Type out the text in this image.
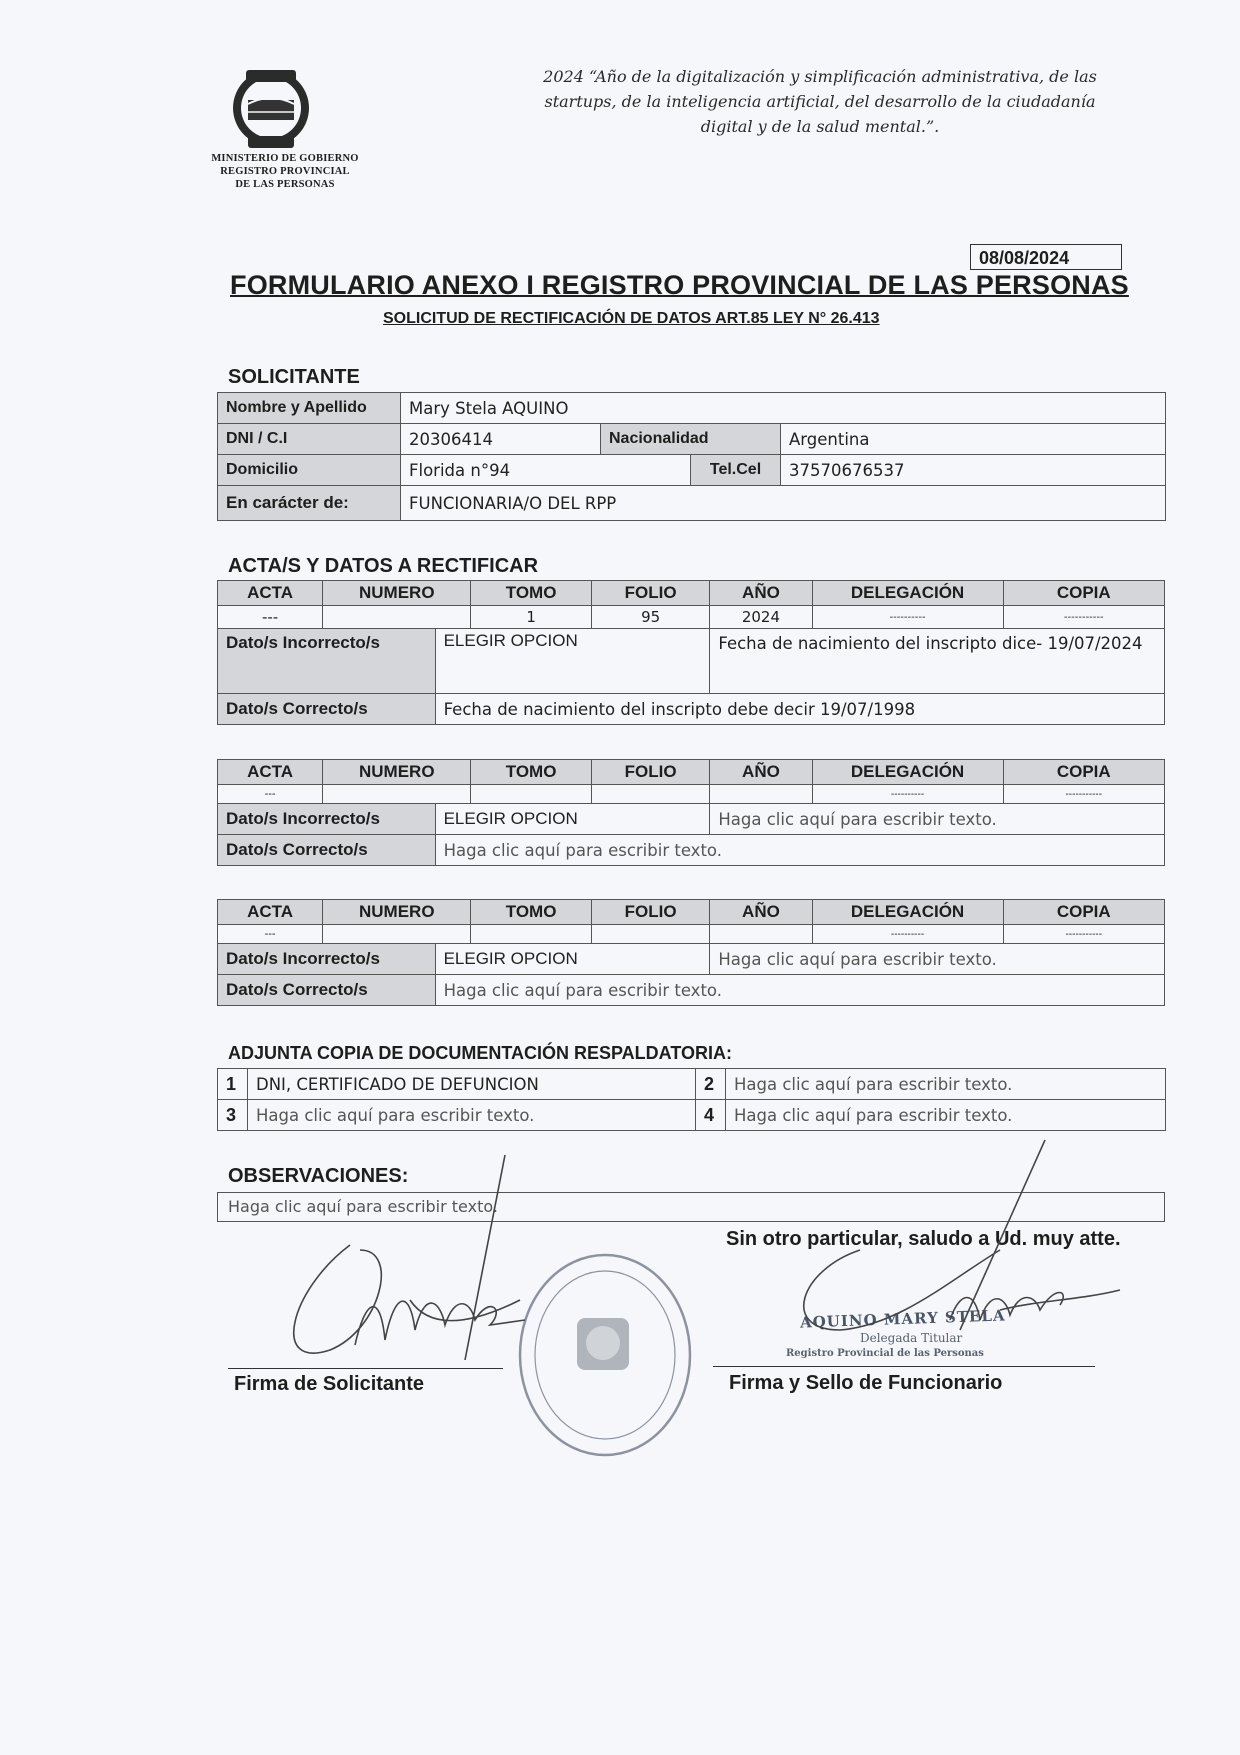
MINISTERIO DE GOBIERNO
REGISTRO PROVINCIAL
DE LAS PERSONAS
2024 “Año de la digitalización y simplificación administrativa, de las
startups, de la inteligencia artificial, del desarrollo de la ciudadanía
digital y de la salud mental.”.
08/08/2024
FORMULARIO ANEXO I REGISTRO PROVINCIAL DE LAS PERSONAS
SOLICITUD DE RECTIFICACIÓN DE DATOS ART.85 LEY N° 26.413
SOLICITANTE
Nombre y Apellido	Mary Stela AQUINO			
DNI / C.I	20306414	Nacionalidad		Argentina
Domicilio	Florida n°94		Tel.Cel	37570676537
En carácter de:	FUNCIONARIA/O DEL RPP			
ACTA/S Y DATOS A RECTIFICAR
ACTA	NUMERO		TOMO	FOLIO	AÑO	DELEGACIÓN	COPIA
---			1	95	2024	----------	-----------
Dato/s Incorrecto/s		ELEGIR OPCION			Fecha de nacimiento del inscripto dice- 19/07/2024		
Dato/s Correcto/s		Fecha de nacimiento del inscripto debe decir 19/07/1998					
ACTA	NUMERO		TOMO	FOLIO	AÑO	DELEGACIÓN	COPIA
---						----------	-----------
Dato/s Incorrecto/s		ELEGIR OPCION			Haga clic aquí para escribir texto.		
Dato/s Correcto/s		Haga clic aquí para escribir texto.					
ACTA	NUMERO		TOMO	FOLIO	AÑO	DELEGACIÓN	COPIA
---						----------	-----------
Dato/s Incorrecto/s		ELEGIR OPCION			Haga clic aquí para escribir texto.		
Dato/s Correcto/s		Haga clic aquí para escribir texto.					
ADJUNTA COPIA DE DOCUMENTACIÓN RESPALDATORIA:
1	DNI, CERTIFICADO DE DEFUNCION	2	Haga clic aquí para escribir texto.
3	Haga clic aquí para escribir texto.	4	Haga clic aquí para escribir texto.
OBSERVACIONES:
Haga clic aquí para escribir texto.
Sin otro particular, saludo a Ud. muy atte.
Firma de Solicitante	Firma y Sello de Funcionario
AQUINO MARY STELA
Delegada Titular
Registro Provincial de las Personas
